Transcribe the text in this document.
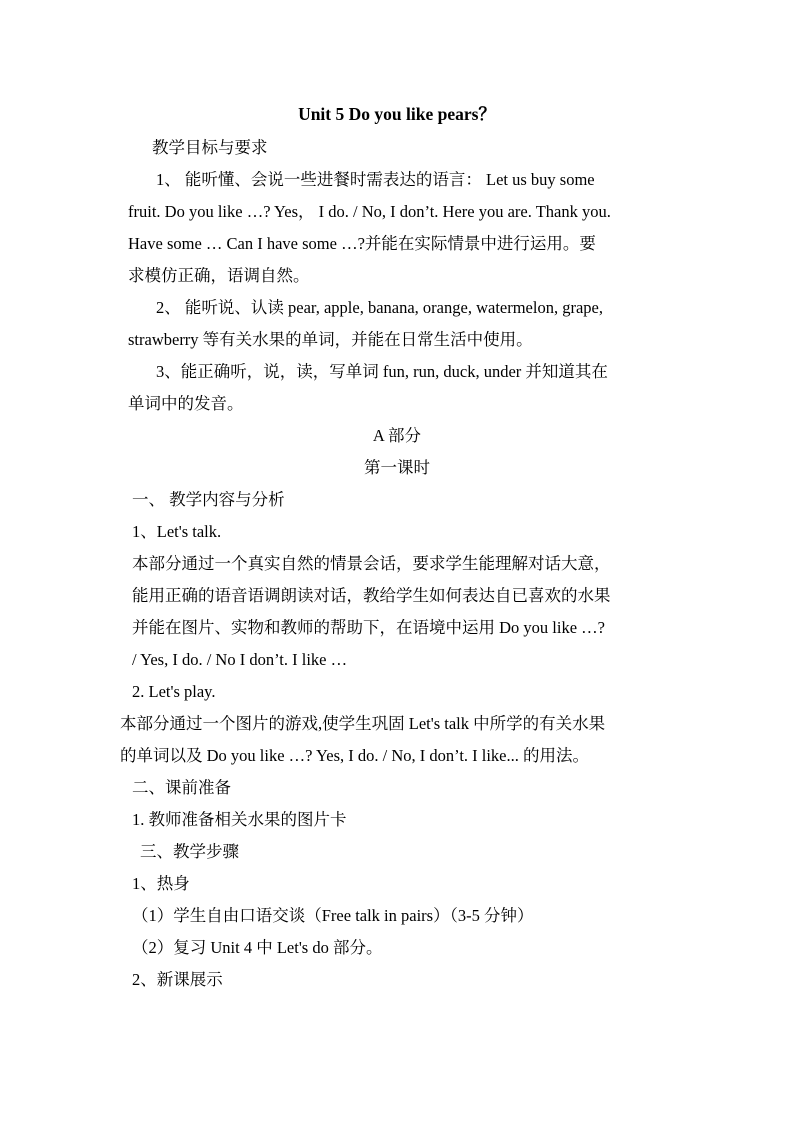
Unit 5 Do you like pears？
教学目标与要求
1、 能听懂、会说一些进餐时需表达的语言： Let us buy some
fruit. Do you like …? Yes， I do. / No, I don’t. Here you are. Thank you.
Have some … Can I have some …?并能在实际情景中进行运用。要
求模仿正确，语调自然。
2、 能听说、认读 pear, apple, banana, orange, watermelon, grape,
strawberry 等有关水果的单词，并能在日常生活中使用。
3、能正确听，说，读，写单词 fun, run, duck, under 并知道其在
单词中的发音。
A 部分
第一课时
一、 教学内容与分析
1、Let's talk.
本部分通过一个真实自然的情景会话，要求学生能理解对话大意，
能用正确的语音语调朗读对话，教给学生如何表达自已喜欢的水果
并能在图片、实物和教师的帮助下，在语境中运用 Do you like …?
/ Yes, I do. / No I don’t. I like …
2. Let's play.
本部分通过一个图片的游戏,使学生巩固 Let's talk 中所学的有关水果
的单词以及 Do you like …? Yes, I do. / No, I don’t. I like... 的用法。
二、课前准备
1. 教师准备相关水果的图片卡
三、教学步骤
1、热身
（1）学生自由口语交谈（Free talk in pairs）（3-5 分钟）
（2）复习 Unit 4 中 Let's do 部分。
2、新课展示
